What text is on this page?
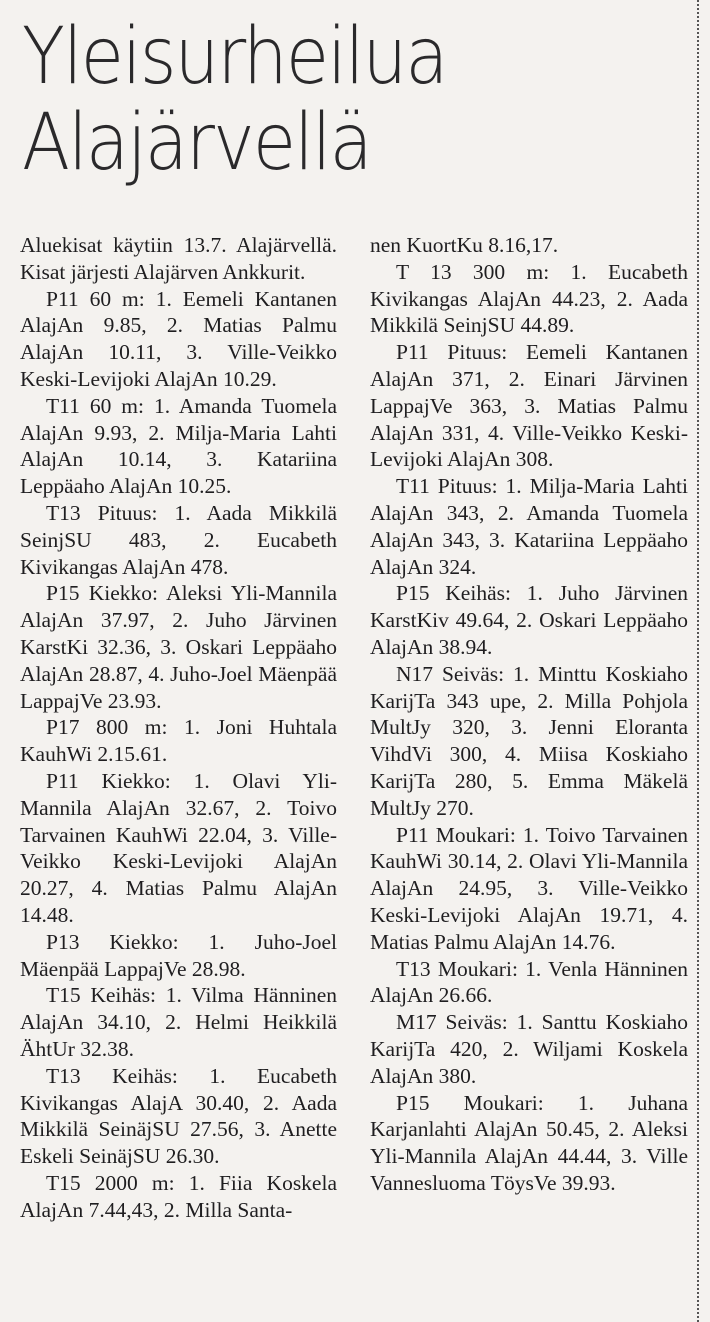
Yleisurheilua
Alajärvellä

Aluekisat käytiin 13.7. Alajärvellä. Kisat järjesti Alajärven Ankkurit.

P11 60 m: 1. Eemeli Kantanen AlajAn 9.85, 2. Matias Palmu AlajAn 10.11, 3. Ville-Veikko Keski-Levijoki AlajAn 10.29.

T11 60 m: 1. Amanda Tuomela AlajAn 9.93, 2. Milja-Maria Lahti AlajAn 10.14, 3. Katariina Leppäaho AlajAn 10.25.

T13 Pituus: 1. Aada Mikkilä SeinjSU 483, 2. Eucabeth Kivikangas AlajAn 478.

P15 Kiekko: Aleksi Yli-Mannila AlajAn 37.97, 2. Juho Järvinen KarstKi 32.36, 3. Oskari Leppäaho AlajAn 28.87, 4. Juho-Joel Mäenpää LappajVe 23.93.

P17 800 m: 1. Joni Huhtala KauhWi 2.15.61.

P11 Kiekko: 1. Olavi Yli-Mannila AlajAn 32.67, 2. Toivo Tarvainen KauhWi 22.04, 3. Ville-Veikko Keski-Levijoki AlajAn 20.27, 4. Matias Palmu AlajAn 14.48.

P13 Kiekko: 1. Juho-Joel Mäenpää LappajVe 28.98.

T15 Keihäs: 1. Vilma Hänninen AlajAn 34.10, 2. Helmi Heikkilä ÄhtUr 32.38.

T13 Keihäs: 1. Eucabeth Kivikangas AlajA 30.40, 2. Aada Mikkilä SeinäjSU 27.56, 3. Anette Eskeli SeinäjSU 26.30.

T15 2000 m: 1. Fiia Koskela AlajAn 7.44,43, 2. Milla Santa-

nen KuortKu 8.16,17.

T 13 300 m: 1. Eucabeth Kivikangas AlajAn 44.23, 2. Aada Mikkilä SeinjSU 44.89.

P11 Pituus: Eemeli Kantanen AlajAn 371, 2. Einari Järvinen LappajVe 363, 3. Matias Palmu AlajAn 331, 4. Ville-Veikko Keski-Levijoki AlajAn 308.

T11 Pituus: 1. Milja-Maria Lahti AlajAn 343, 2. Amanda Tuomela AlajAn 343, 3. Katariina Leppäaho AlajAn 324.

P15 Keihäs: 1. Juho Järvinen KarstKiv 49.64, 2. Oskari Leppäaho AlajAn 38.94.

N17 Seiväs: 1. Minttu Koskiaho KarijTa 343 upe, 2. Milla Pohjola MultJy 320, 3. Jenni Eloranta VihdVi 300, 4. Miisa Koskiaho KarijTa 280, 5. Emma Mäkelä MultJy 270.

P11 Moukari: 1. Toivo Tarvainen KauhWi 30.14, 2. Olavi Yli-Mannila AlajAn 24.95, 3. Ville-Veikko Keski-Levijoki AlajAn 19.71, 4. Matias Palmu AlajAn 14.76.

T13 Moukari: 1. Venla Hänninen AlajAn 26.66.

M17 Seiväs: 1. Santtu Koskiaho KarijTa 420, 2. Wiljami Koskela AlajAn 380.

P15 Moukari: 1. Juhana Karjanlahti AlajAn 50.45, 2. Aleksi Yli-Mannila AlajAn 44.44, 3. Ville Vannesluoma TöysVe 39.93.
